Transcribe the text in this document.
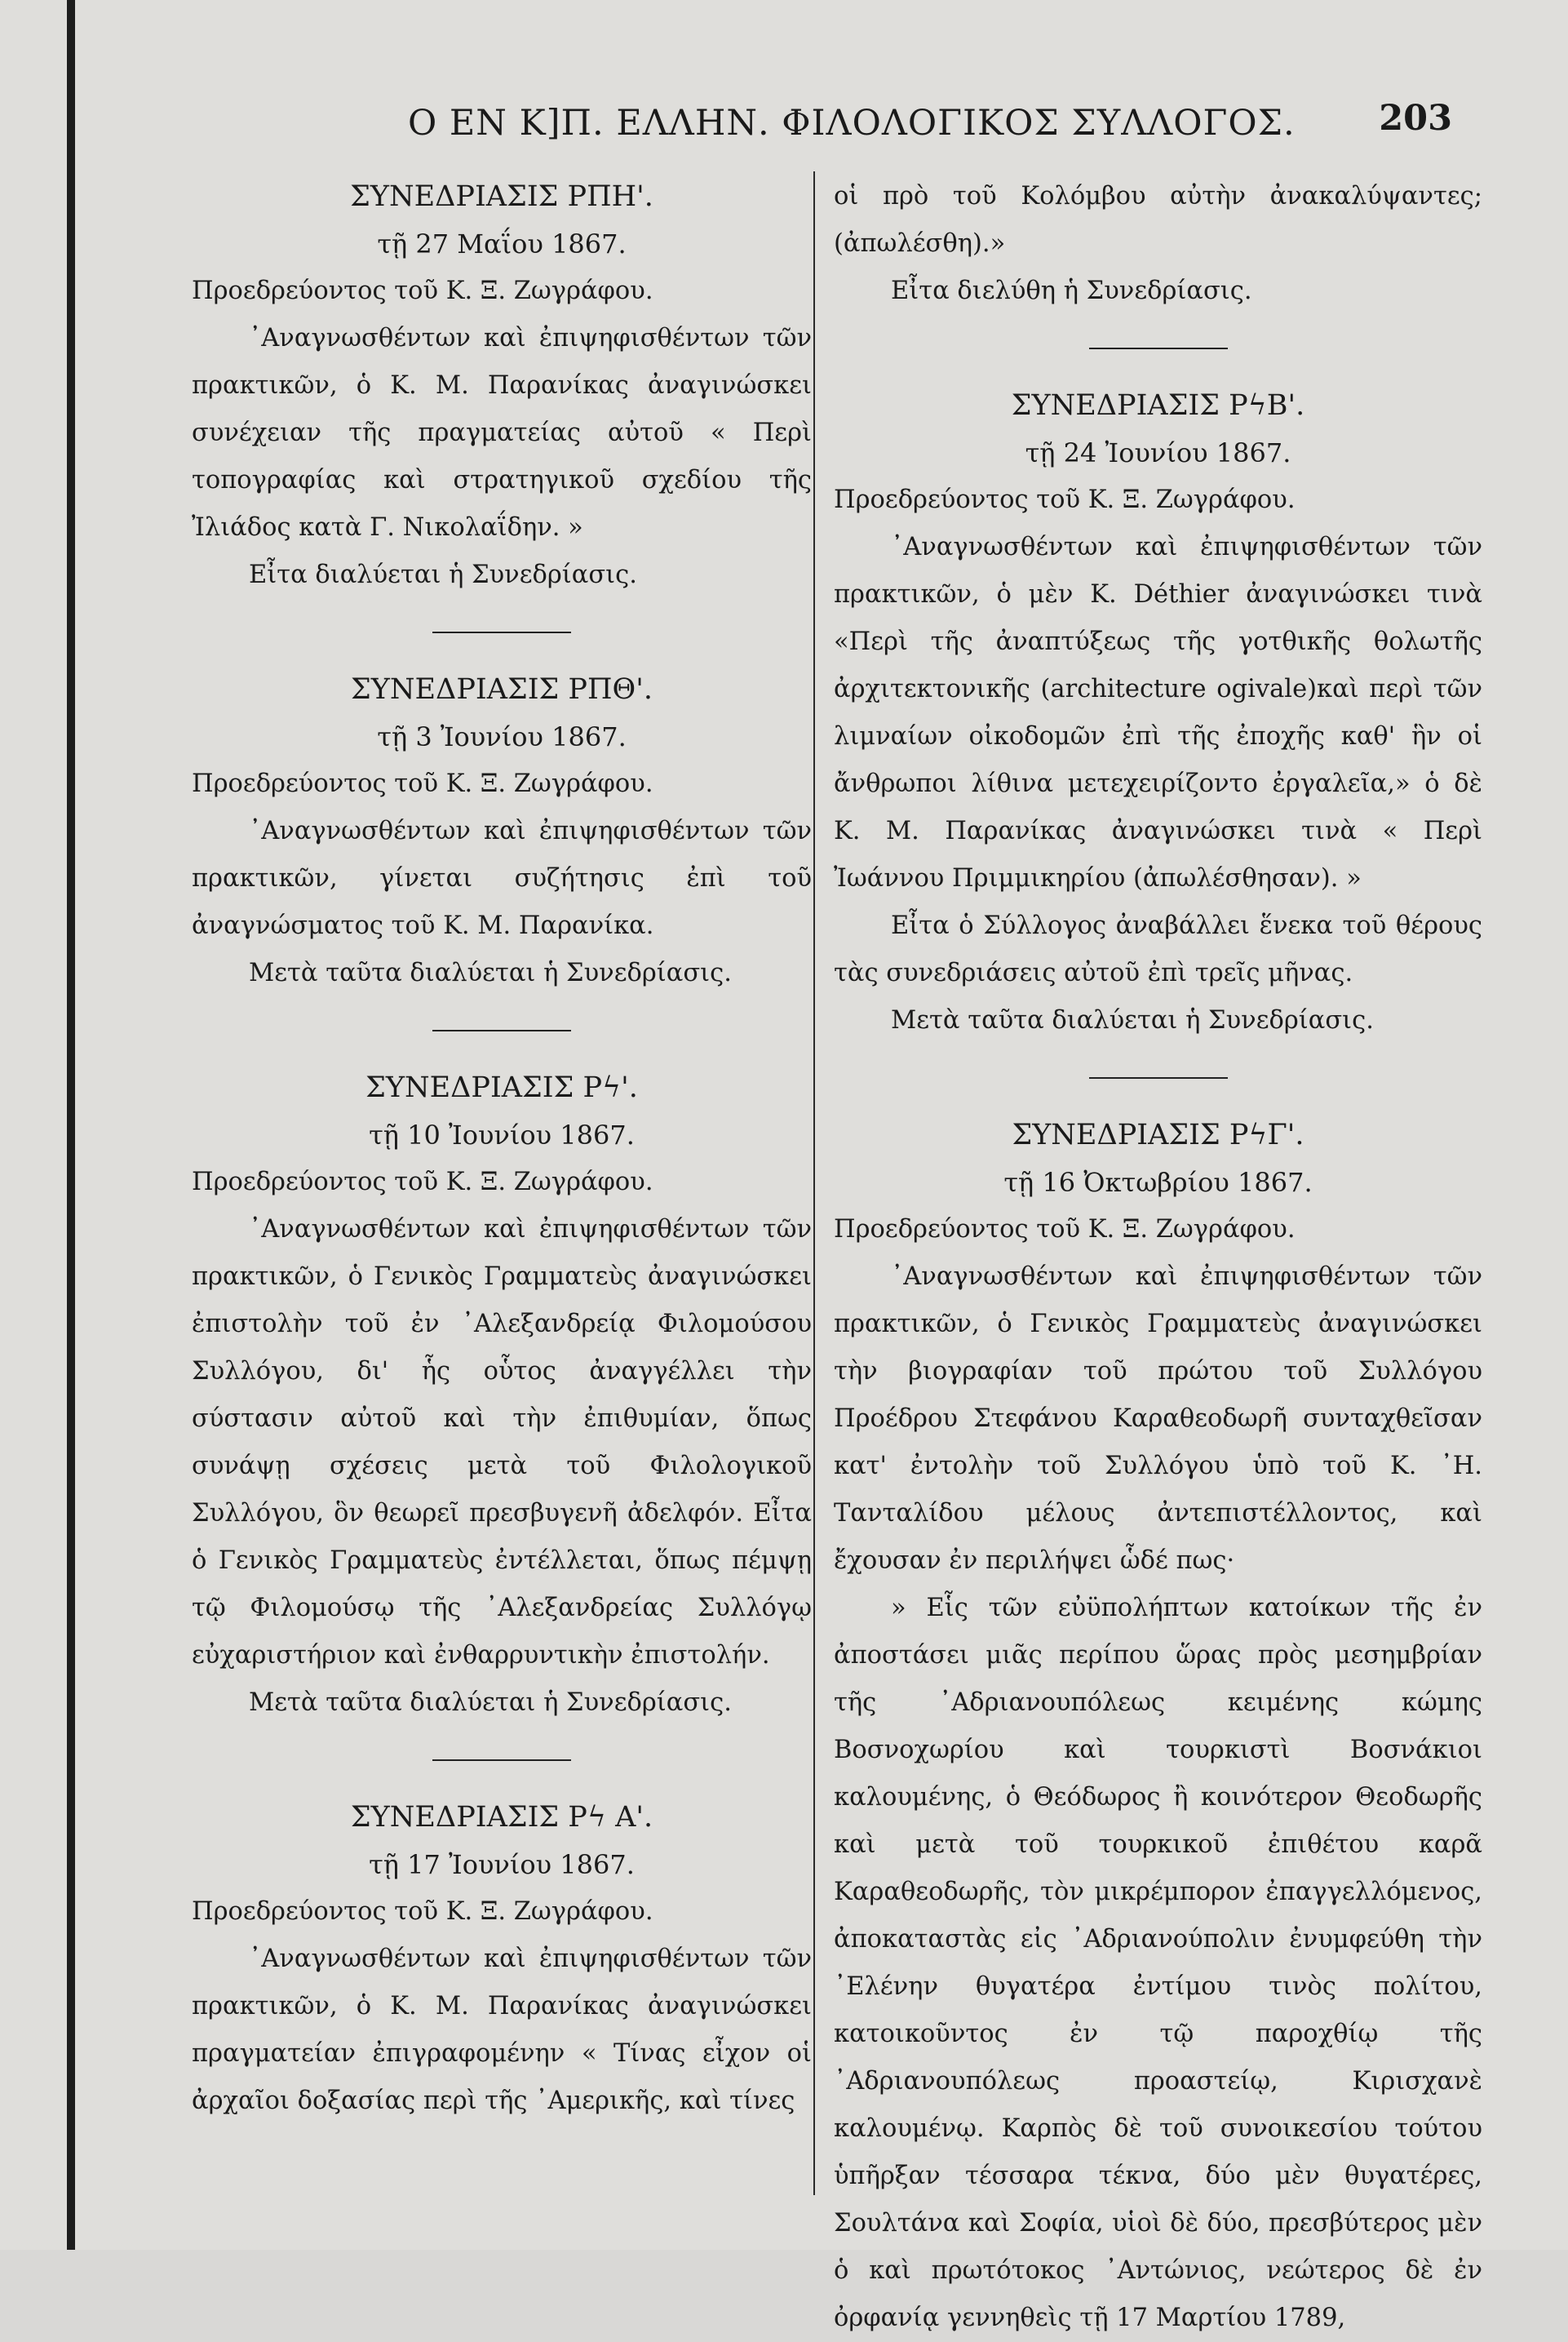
Ο ΕΝ Κ]Π. ΕΛΛΗΝ. ΦΙΛΟΛΟΓΙΚΟΣ ΣΥΛΛΟΓΟΣ. 203

ΣΥΝΕΔΡΙΑΣΙΣ ΡΠΗ'.

τῇ 27 Μαΐου 1867.

Προεδρεύοντος τοῦ Κ. Ξ. Ζωγράφου.

᾿Αναγνωσθέντων καὶ ἐπιψηφισθέντων τῶν πρακτικῶν, ὁ Κ. Μ. Παρανίκας ἀναγινώσκει συνέχειαν τῆς πραγματείας αὐτοῦ « Περὶ τοπογραφίας καὶ στρατηγικοῦ σχεδίου τῆς Ἰλιάδος κατὰ Γ. Νικολαΐδην. »

Εἶτα διαλύεται ἡ Συνεδρίασις.

ΣΥΝΕΔΡΙΑΣΙΣ ΡΠΘ'.

τῇ 3 Ἰουνίου 1867.

Προεδρεύοντος τοῦ Κ. Ξ. Ζωγράφου.

᾿Αναγνωσθέντων καὶ ἐπιψηφισθέντων τῶν πρακτικῶν, γίνεται συζήτησις ἐπὶ τοῦ ἀναγνώσματος τοῦ Κ. Μ. Παρανίκα.

Μετὰ ταῦτα διαλύεται ἡ Συνεδρίασις.

ΣΥΝΕΔΡΙΑΣΙΣ Ρϟ'.

τῇ 10 Ἰουνίου 1867.

Προεδρεύοντος τοῦ Κ. Ξ. Ζωγράφου.

᾿Αναγνωσθέντων καὶ ἐπιψηφισθέντων τῶν πρακτικῶν, ὁ Γενικὸς Γραμματεὺς ἀναγινώσκει ἐπιστολὴν τοῦ ἐν ᾿Αλεξανδρείᾳ Φιλομούσου Συλλόγου, δι' ἧς οὗτος ἀναγγέλλει τὴν σύστασιν αὐτοῦ καὶ τὴν ἐπιθυμίαν, ὅπως συνάψῃ σχέσεις μετὰ τοῦ Φιλολογικοῦ Συλλόγου, ὃν θεωρεῖ πρεσβυγενῆ ἀδελφόν. Εἶτα ὁ Γενικὸς Γραμματεὺς ἐντέλλεται, ὅπως πέμψῃ τῷ Φιλομούσῳ τῆς ᾿Αλεξανδρείας Συλλόγῳ εὐχαριστήριον καὶ ἐνθαρρυντικὴν ἐπιστολήν.

Μετὰ ταῦτα διαλύεται ἡ Συνεδρίασις.

ΣΥΝΕΔΡΙΑΣΙΣ Ρϟ Α'.

τῇ 17 Ἰουνίου 1867.

Προεδρεύοντος τοῦ Κ. Ξ. Ζωγράφου.

᾿Αναγνωσθέντων καὶ ἐπιψηφισθέντων τῶν πρακτικῶν, ὁ Κ. Μ. Παρανίκας ἀναγινώσκει πραγματείαν ἐπιγραφομένην « Τίνας εἶχον οἱ ἀρχαῖοι δοξασίας περὶ τῆς ᾿Αμερικῆς, καὶ τίνες

οἱ πρὸ τοῦ Κολόμβου αὐτὴν ἀνακαλύψαντες; (ἀπωλέσθη).»

Εἶτα διελύθη ἡ Συνεδρίασις.

ΣΥΝΕΔΡΙΑΣΙΣ ΡϟΒ'.

τῇ 24 Ἰουνίου 1867.

Προεδρεύοντος τοῦ Κ. Ξ. Ζωγράφου.

᾿Αναγνωσθέντων καὶ ἐπιψηφισθέντων τῶν πρακτικῶν, ὁ μὲν Κ. Déthier ἀναγινώσκει τινὰ «Περὶ τῆς ἀναπτύξεως τῆς γοτθικῆς θολωτῆς ἀρχιτεκτονικῆς (architecture ogivale)καὶ περὶ τῶν λιμναίων οἰκοδομῶν ἐπὶ τῆς ἐποχῆς καθ' ἣν οἱ ἄνθρωποι λίθινα μετεχειρίζοντο ἐργαλεῖα,» ὁ δὲ Κ. Μ. Παρανίκας ἀναγινώσκει τινὰ « Περὶ Ἰωάννου Πριμμικηρίου (ἀπωλέσθησαν). »

Εἶτα ὁ Σύλλογος ἀναβάλλει ἕνεκα τοῦ θέρους τὰς συνεδριάσεις αὐτοῦ ἐπὶ τρεῖς μῆνας.

Μετὰ ταῦτα διαλύεται ἡ Συνεδρίασις.

ΣΥΝΕΔΡΙΑΣΙΣ ΡϟΓ'.

τῇ 16 Ὀκτωβρίου 1867.

Προεδρεύοντος τοῦ Κ. Ξ. Ζωγράφου.

᾿Αναγνωσθέντων καὶ ἐπιψηφισθέντων τῶν πρακτικῶν, ὁ Γενικὸς Γραμματεὺς ἀναγινώσκει τὴν βιογραφίαν τοῦ πρώτου τοῦ Συλλόγου Προέδρου Στεφάνου Καραθεοδωρῆ συνταχθεῖσαν κατ' ἐντολὴν τοῦ Συλλόγου ὑπὸ τοῦ Κ. ᾿Η. Τανταλίδου μέλους ἀντεπιστέλλοντος, καὶ ἔχουσαν ἐν περιλήψει ὧδέ πως·

» Εἷς τῶν εὐϋπολήπτων κατοίκων τῆς ἐν ἀποστάσει μιᾶς περίπου ὥρας πρὸς μεσημβρίαν τῆς ᾿Αδριανουπόλεως κειμένης κώμης Βοσνοχωρίου καὶ τουρκιστὶ Βοσνάκιοι καλουμένης, ὁ Θεόδωρος ἢ κοινότερον Θεοδωρῆς καὶ μετὰ τοῦ τουρκικοῦ ἐπιθέτου καρᾶ Καραθεοδωρῆς, τὸν μικρέμπορον ἐπαγγελλόμενος, ἀποκαταστὰς εἰς ᾿Αδριανούπολιν ἐνυμφεύθη τὴν ᾿Ελένην θυγατέρα ἐντίμου τινὸς πολίτου, κατοικοῦντος ἐν τῷ παροχθίῳ τῆς ᾿Αδριανουπόλεως προαστείῳ, Κιρισχανὲ καλουμένῳ. Καρπὸς δὲ τοῦ συνοικεσίου τούτου ὑπῆρξαν τέσσαρα τέκνα, δύο μὲν θυγατέρες, Σουλτάνα καὶ Σοφία, υἱοὶ δὲ δύο, πρεσβύτερος μὲν ὁ καὶ πρωτότοκος ᾿Αντώνιος, νεώτερος δὲ ἐν ὀρφανίᾳ γεννηθεὶς τῇ 17 Μαρτίου 1789,
